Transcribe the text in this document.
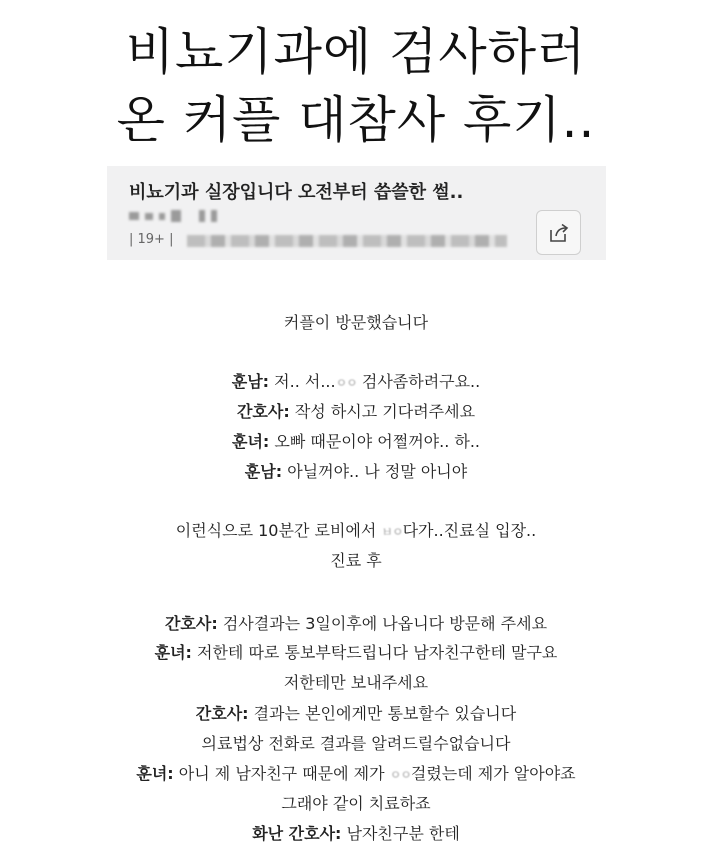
비뇨기과에 검사하러
온 커플 대참사 후기..
비뇨기과 실장입니다 오전부터 씁쓸한 썰..
| 19+ |
커플이 방문했습니다
훈남: 저.. 서...ㅇㅇ 검사좀하려구요..
간호사: 작성 하시고 기다려주세요
훈녀: 오빠 때문이야 어쩔꺼야.. 하..
훈남: 아닐꺼야.. 나 정말 아니야
이런식으로 10분간 로비에서 ㅂㅇ다가..진료실 입장..
진료 후
간호사: 검사결과는 3일이후에 나옵니다 방문해 주세요
훈녀: 저한테 따로 통보부탁드립니다 남자친구한테 말구요
저한테만 보내주세요
간호사: 결과는 본인에게만 통보할수 있습니다
의료법상 전화로 결과를 알려드릴수없습니다
훈녀: 아니 제 남자친구 때문에 제가 ㅇㅇ걸렸는데 제가 알아야죠
그래야 같이 치료하죠
화난 간호사: 남자친구분 한테
